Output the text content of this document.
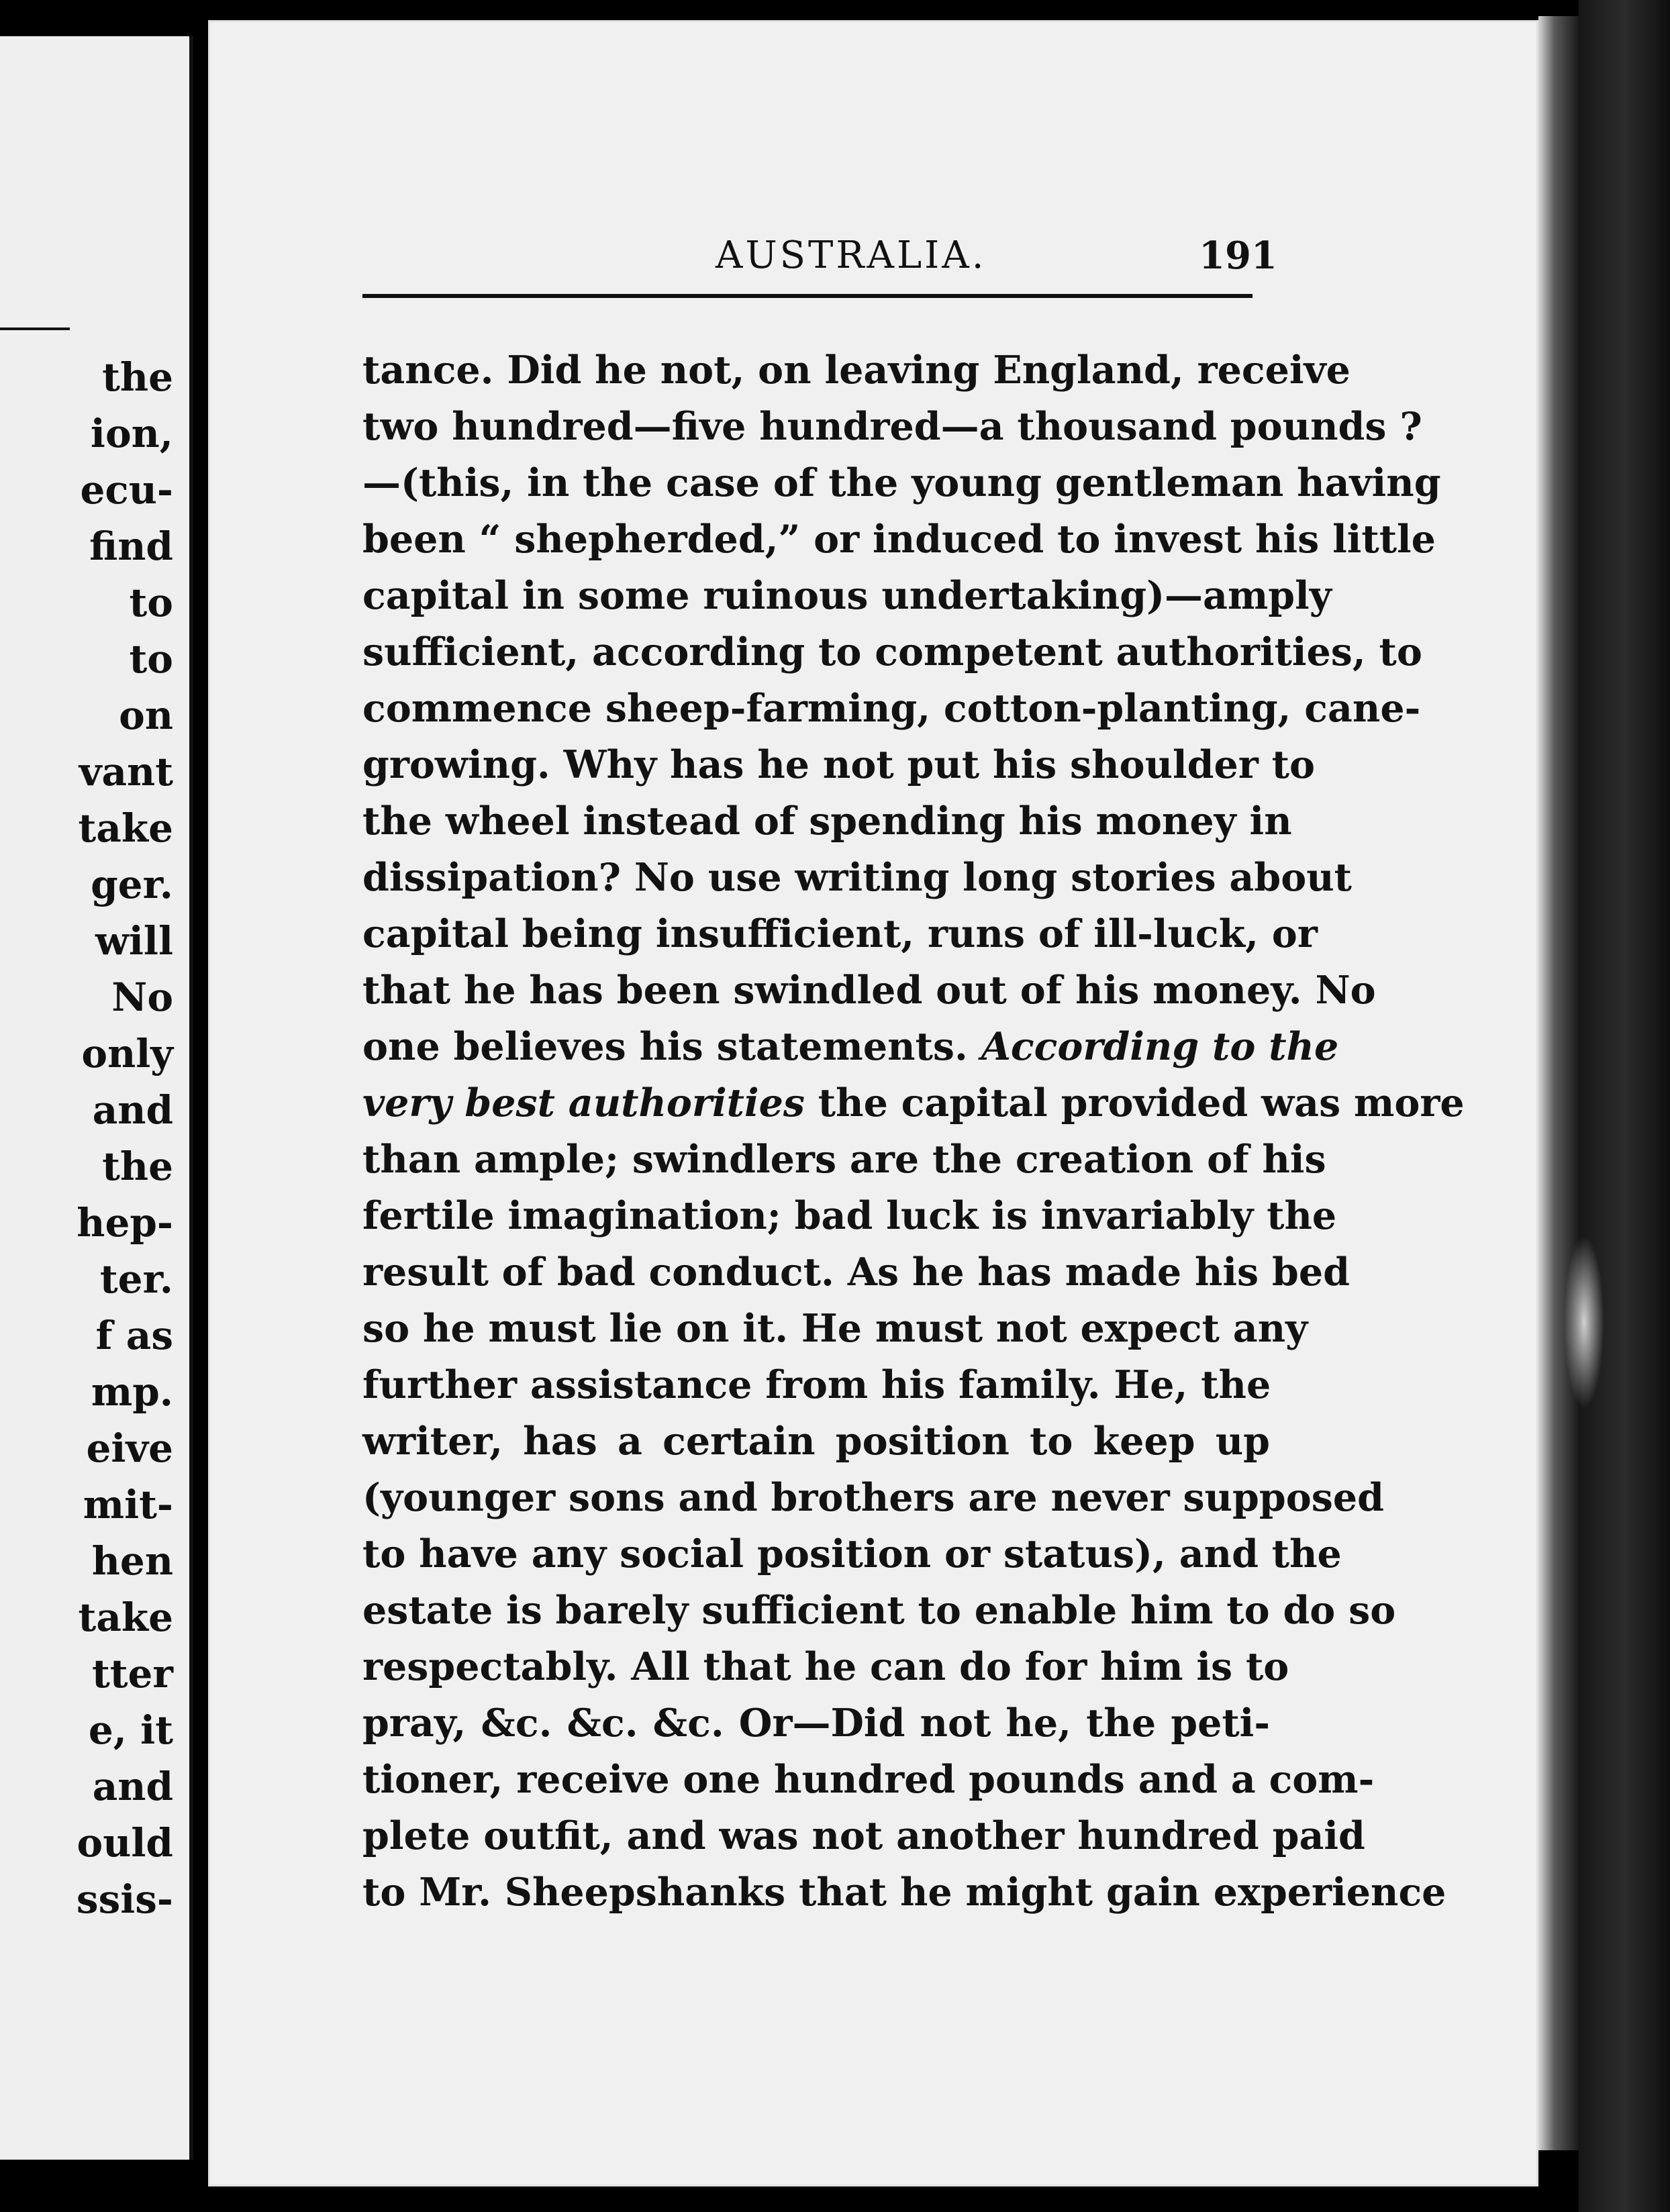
the
ion,
ecu-
find
to
to
on
vant
take
ger.
will
No
only
and
the
hep-
ter.
f as
mp.
eive
mit-
hen
take
tter
e, it
and
ould
ssis-
AUSTRALIA.	191
tance. Did he not, on leaving England, receive
two hundred—five hundred—a thousand pounds ?
—(this, in the case of the young gentleman having
been “ shepherded,” or induced to invest his little
capital in some ruinous undertaking)—amply
sufficient, according to competent authorities, to
commence sheep-farming, cotton-planting, cane-
growing. Why has he not put his shoulder to
the wheel instead of spending his money in
dissipation? No use writing long stories about
capital being insufficient, runs of ill-luck, or
that he has been swindled out of his money. No
one believes his statements. According to the
very best authorities the capital provided was more
than ample; swindlers are the creation of his
fertile imagination; bad luck is invariably the
result of bad conduct. As he has made his bed
so he must lie on it. He must not expect any
further assistance from his family. He, the
writer, has a certain position to keep up
(younger sons and brothers are never supposed
to have any social position or status), and the
estate is barely sufficient to enable him to do so
respectably. All that he can do for him is to
pray, &c. &c. &c. Or—Did not he, the peti-
tioner, receive one hundred pounds and a com-
plete outfit, and was not another hundred paid
to Mr. Sheepshanks that he might gain experience
